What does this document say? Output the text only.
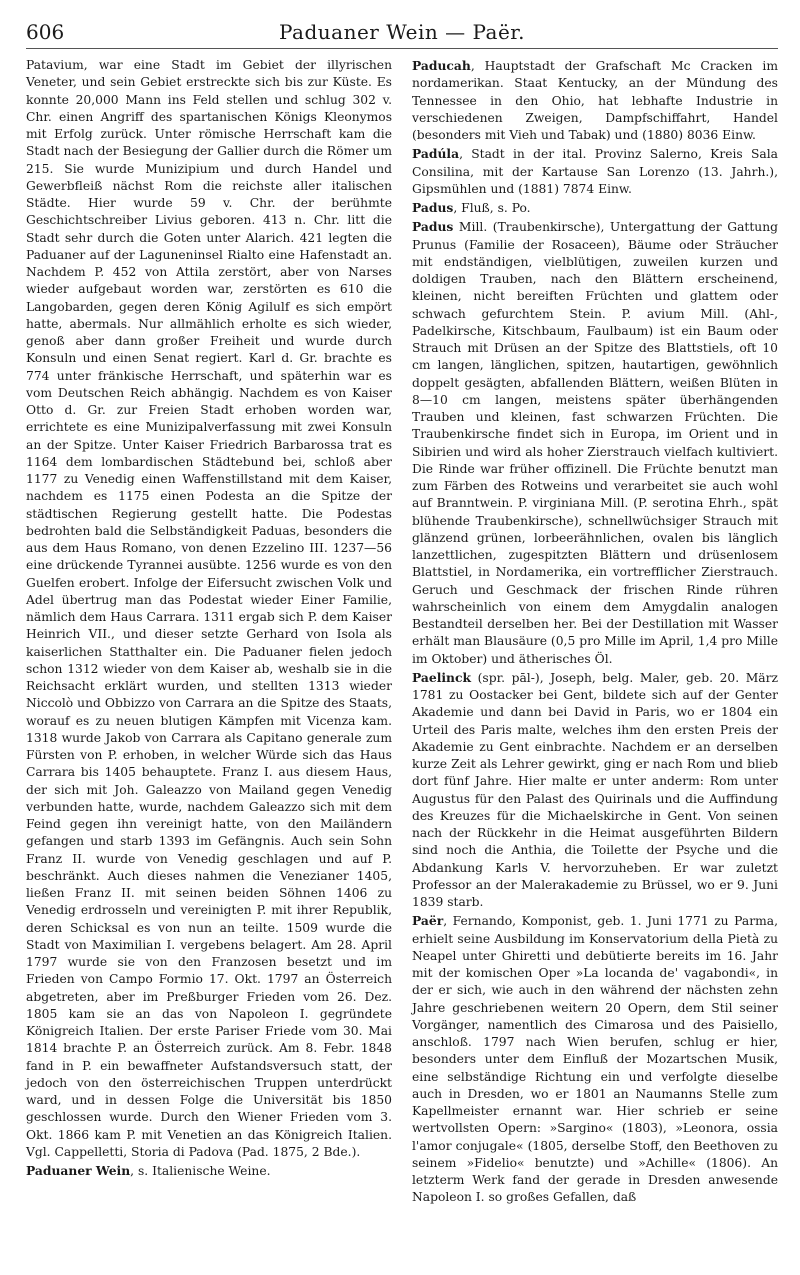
606	Paduaner Wein — Paër.

Patavium, war eine Stadt im Gebiet der illyrischen Veneter, und sein Gebiet erstreckte sich bis zur Küste. Es konnte 20,000 Mann ins Feld stellen und schlug 302 v. Chr. einen Angriff des spartanischen Königs Kleonymos mit Erfolg zurück. Unter römische Herrschaft kam die Stadt nach der Besiegung der Gallier durch die Römer um 215. Sie wurde Munizipium und durch Handel und Gewerbfleiß nächst Rom die reichste aller italischen Städte. Hier wurde 59 v. Chr. der berühmte Geschichtschreiber Livius geboren. 413 n. Chr. litt die Stadt sehr durch die Goten unter Alarich. 421 legten die Paduaner auf der Laguneninsel Rialto eine Hafenstadt an. Nachdem P. 452 von Attila zerstört, aber von Narses wieder aufgebaut worden war, zerstörten es 610 die Langobarden, gegen deren König Agilulf es sich empört hatte, abermals. Nur allmählich erholte es sich wieder, genoß aber dann großer Freiheit und wurde durch Konsuln und einen Senat regiert. Karl d. Gr. brachte es 774 unter fränkische Herrschaft, und späterhin war es vom Deutschen Reich abhängig. Nachdem es von Kaiser Otto d. Gr. zur Freien Stadt erhoben worden war, errichtete es eine Munizipalverfassung mit zwei Konsuln an der Spitze. Unter Kaiser Friedrich Barbarossa trat es 1164 dem lombardischen Städtebund bei, schloß aber 1177 zu Venedig einen Waffenstillstand mit dem Kaiser, nachdem es 1175 einen Podesta an die Spitze der städtischen Regierung gestellt hatte. Die Podestas bedrohten bald die Selbständigkeit Paduas, besonders die aus dem Haus Romano, von denen Ezzelino III. 1237—56 eine drückende Tyrannei ausübte. 1256 wurde es von den Guelfen erobert. Infolge der Eifersucht zwischen Volk und Adel übertrug man das Podestat wieder Einer Familie, nämlich dem Haus Carrara. 1311 ergab sich P. dem Kaiser Heinrich VII., und dieser setzte Gerhard von Isola als kaiserlichen Statthalter ein. Die Paduaner fielen jedoch schon 1312 wieder von dem Kaiser ab, weshalb sie in die Reichsacht erklärt wurden, und stellten 1313 wieder Niccolò und Obbizzo von Carrara an die Spitze des Staats, worauf es zu neuen blutigen Kämpfen mit Vicenza kam. 1318 wurde Jakob von Carrara als Capitano generale zum Fürsten von P. erhoben, in welcher Würde sich das Haus Carrara bis 1405 behauptete. Franz I. aus diesem Haus, der sich mit Joh. Galeazzo von Mailand gegen Venedig verbunden hatte, wurde, nachdem Galeazzo sich mit dem Feind gegen ihn vereinigt hatte, von den Mailändern gefangen und starb 1393 im Gefängnis. Auch sein Sohn Franz II. wurde von Venedig geschlagen und auf P. beschränkt. Auch dieses nahmen die Venezianer 1405, ließen Franz II. mit seinen beiden Söhnen 1406 zu Venedig erdrosseln und vereinigten P. mit ihrer Republik, deren Schicksal es von nun an teilte. 1509 wurde die Stadt von Maximilian I. vergebens belagert. Am 28. April 1797 wurde sie von den Franzosen besetzt und im Frieden von Campo Formio 17. Okt. 1797 an Österreich abgetreten, aber im Preßburger Frieden vom 26. Dez. 1805 kam sie an das von Napoleon I. gegründete Königreich Italien. Der erste Pariser Friede vom 30. Mai 1814 brachte P. an Österreich zurück. Am 8. Febr. 1848 fand in P. ein bewaffneter Aufstandsversuch statt, der jedoch von den österreichischen Truppen unterdrückt ward, und in dessen Folge die Universität bis 1850 geschlossen wurde. Durch den Wiener Frieden vom 3. Okt. 1866 kam P. mit Venetien an das Königreich Italien. Vgl. Cappelletti, Storia di Padova (Pad. 1875, 2 Bde.).

Paduaner Wein, s. Italienische Weine.

Paducah, Hauptstadt der Grafschaft Mc Cracken im nordamerikan. Staat Kentucky, an der Mündung des Tennessee in den Ohio, hat lebhafte Industrie in verschiedenen Zweigen, Dampfschiffahrt, Handel (besonders mit Vieh und Tabak) und (1880) 8036 Einw.

Padúla, Stadt in der ital. Provinz Salerno, Kreis Sala Consilina, mit der Kartause San Lorenzo (13. Jahrh.), Gipsmühlen und (1881) 7874 Einw.

Padus, Fluß, s. Po.

Padus Mill. (Traubenkirsche), Untergattung der Gattung Prunus (Familie der Rosaceen), Bäume oder Sträucher mit endständigen, vielblütigen, zuweilen kurzen und doldigen Trauben, nach den Blättern erscheinend, kleinen, nicht bereiften Früchten und glattem oder schwach gefurchtem Stein. P. avium Mill. (Ahl-, Padelkirsche, Kitschbaum, Faulbaum) ist ein Baum oder Strauch mit Drüsen an der Spitze des Blattstiels, oft 10 cm langen, länglichen, spitzen, hautartigen, gewöhnlich doppelt gesägten, abfallenden Blättern, weißen Blüten in 8—10 cm langen, meistens später überhängenden Trauben und kleinen, fast schwarzen Früchten. Die Traubenkirsche findet sich in Europa, im Orient und in Sibirien und wird als hoher Zierstrauch vielfach kultiviert. Die Rinde war früher offizinell. Die Früchte benutzt man zum Färben des Rotweins und verarbeitet sie auch wohl auf Branntwein. P. virginiana Mill. (P. serotina Ehrh., spät blühende Traubenkirsche), schnellwüchsiger Strauch mit glänzend grünen, lorbeerähnlichen, ovalen bis länglich lanzettlichen, zugespitzten Blättern und drüsenlosem Blattstiel, in Nordamerika, ein vortrefflicher Zierstrauch. Geruch und Geschmack der frischen Rinde rühren wahrscheinlich von einem dem Amygdalin analogen Bestandteil derselben her. Bei der Destillation mit Wasser erhält man Blausäure (0,5 pro Mille im April, 1,4 pro Mille im Oktober) und ätherisches Öl.

Paelinck (spr. pāl-), Joseph, belg. Maler, geb. 20. März 1781 zu Oostacker bei Gent, bildete sich auf der Genter Akademie und dann bei David in Paris, wo er 1804 ein Urteil des Paris malte, welches ihm den ersten Preis der Akademie zu Gent einbrachte. Nachdem er an derselben kurze Zeit als Lehrer gewirkt, ging er nach Rom und blieb dort fünf Jahre. Hier malte er unter anderm: Rom unter Augustus für den Palast des Quirinals und die Auffindung des Kreuzes für die Michaelskirche in Gent. Von seinen nach der Rückkehr in die Heimat ausgeführten Bildern sind noch die Anthia, die Toilette der Psyche und die Abdankung Karls V. hervorzuheben. Er war zuletzt Professor an der Malerakademie zu Brüssel, wo er 9. Juni 1839 starb.

Paër, Fernando, Komponist, geb. 1. Juni 1771 zu Parma, erhielt seine Ausbildung im Konservatorium della Pietà zu Neapel unter Ghiretti und debütierte bereits im 16. Jahr mit der komischen Oper »La locanda de' vagabondi«, in der er sich, wie auch in den während der nächsten zehn Jahre geschriebenen weitern 20 Opern, dem Stil seiner Vorgänger, namentlich des Cimarosa und des Paisiello, anschloß. 1797 nach Wien berufen, schlug er hier, besonders unter dem Einfluß der Mozartschen Musik, eine selbständige Richtung ein und verfolgte dieselbe auch in Dresden, wo er 1801 an Naumanns Stelle zum Kapellmeister ernannt war. Hier schrieb er seine wertvollsten Opern: »Sargino« (1803), »Leonora, ossia l'amor conjugale« (1805, derselbe Stoff, den Beethoven zu seinem »Fidelio« benutzte) und »Achille« (1806). An letzterm Werk fand der gerade in Dresden anwesende Napoleon I. so großes Gefallen, daß
